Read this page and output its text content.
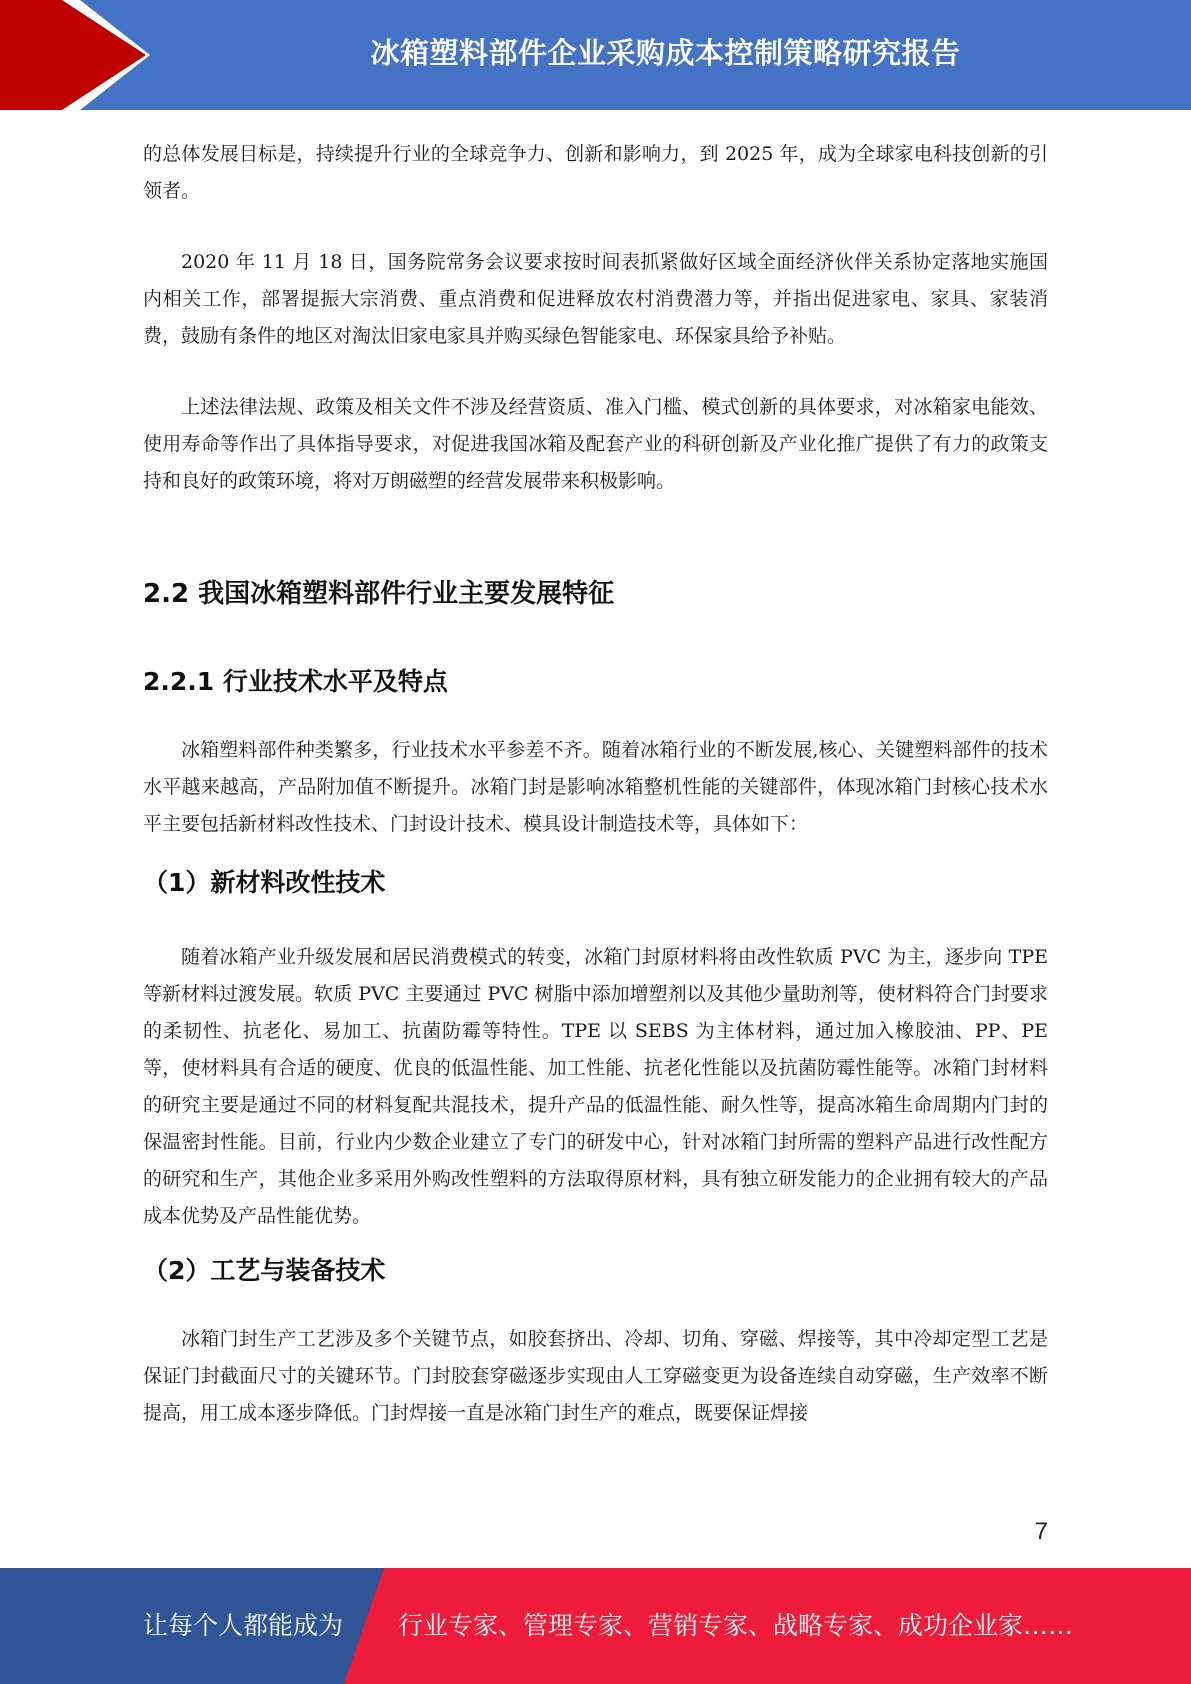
冰箱塑料部件企业采购成本控制策略研究报告

的总体发展目标是，持续提升行业的全球竞争力、创新和影响力，到 2025 年，成为全球家电科技创新的引领者。

2020 年 11 月 18 日，国务院常务会议要求按时间表抓紧做好区域全面经济伙伴关系协定落地实施国内相关工作，部署提振大宗消费、重点消费和促进释放农村消费潜力等，并指出促进家电、家具、家装消费，鼓励有条件的地区对淘汰旧家电家具并购买绿色智能家电、环保家具给予补贴。

上述法律法规、政策及相关文件不涉及经营资质、准入门槛、模式创新的具体要求，对冰箱家电能效、使用寿命等作出了具体指导要求，对促进我国冰箱及配套产业的科研创新及产业化推广提供了有力的政策支持和良好的政策环境，将对万朗磁塑的经营发展带来积极影响。

2.2 我国冰箱塑料部件行业主要发展特征
2.2.1 行业技术水平及特点

冰箱塑料部件种类繁多，行业技术水平参差不齐。随着冰箱行业的不断发展,核心、关键塑料部件的技术水平越来越高，产品附加值不断提升。冰箱门封是影响冰箱整机性能的关键部件，体现冰箱门封核心技术水平主要包括新材料改性技术、门封设计技术、模具设计制造技术等，具体如下：

（1）新材料改性技术

随着冰箱产业升级发展和居民消费模式的转变，冰箱门封原材料将由改性软质 PVC 为主，逐步向 TPE 等新材料过渡发展。软质 PVC 主要通过 PVC 树脂中添加增塑剂以及其他少量助剂等，使材料符合门封要求的柔韧性、抗老化、易加工、抗菌防霉等特性。TPE 以 SEBS 为主体材料，通过加入橡胶油、PP、PE 等，使材料具有合适的硬度、优良的低温性能、加工性能、抗老化性能以及抗菌防霉性能等。冰箱门封材料的研究主要是通过不同的材料复配共混技术，提升产品的低温性能、耐久性等，提高冰箱生命周期内门封的保温密封性能。目前，行业内少数企业建立了专门的研发中心，针对冰箱门封所需的塑料产品进行改性配方的研究和生产，其他企业多采用外购改性塑料的方法取得原材料，具有独立研发能力的企业拥有较大的产品成本优势及产品性能优势。

（2）工艺与装备技术

冰箱门封生产工艺涉及多个关键节点，如胶套挤出、冷却、切角、穿磁、焊接等，其中冷却定型工艺是保证门封截面尺寸的关键环节。门封胶套穿磁逐步实现由人工穿磁变更为设备连续自动穿磁，生产效率不断提高，用工成本逐步降低。门封焊接一直是冰箱门封生产的难点，既要保证焊接

7
让每个人都能成为 行业专家、管理专家、营销专家、战略专家、成功企业家……
